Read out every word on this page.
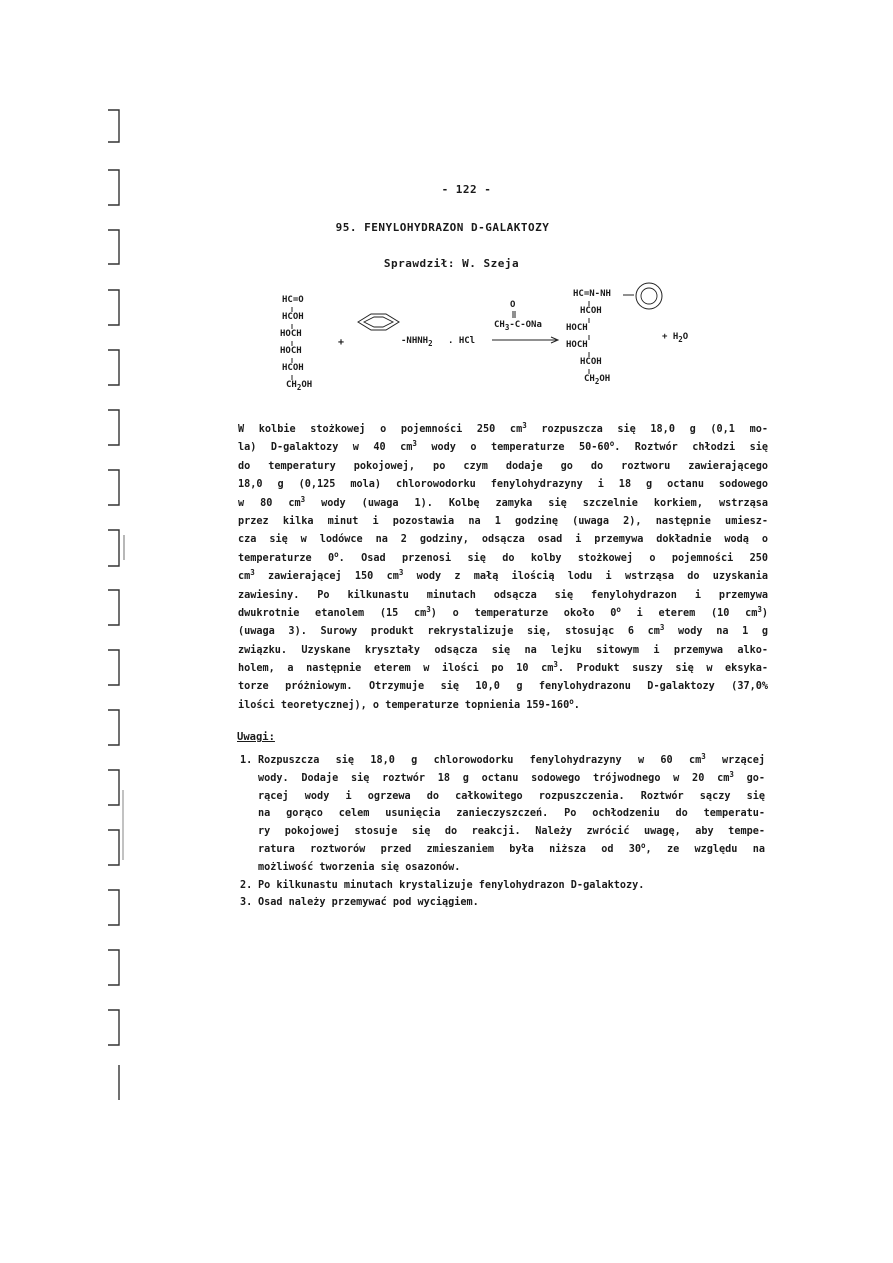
- 122 -
95. FENYLOHYDRAZON D-GALAKTOZY
Sprawdził: W. Szeja
HC=O
HCOH
HOCH
HOCH
HCOH
$CH_2OH$
+	$-NHNH_2$ . HCl
O
$CH_3-C$-ONa
HC=N-NH
HCOH
HOCH
HOCH
HCOH
$CH_2OH$
+ $H_2O$
W kolbie stożkowej o pojemności 250 $cm^3$ rozpuszcza się 18,0 g (0,1 mo-
la) D-galaktozy w 40 $cm^3$ wody o temperaturze 50-60$^o$. Roztwór chłodzi się
do temperatury pokojowej, po czym dodaje go do roztworu zawierającego
18,0 g (0,125 mola) chlorowodorku fenylohydrazyny i 18 g octanu sodowego
w 80 $cm^3$ wody (uwaga 1). Kolbę zamyka się szczelnie korkiem, wstrząsa
przez kilka minut i pozostawia na 1 godzinę (uwaga 2), następnie umiesz-
cza się w lodówce na 2 godziny, odsącza osad i przemywa dokładnie wodą o
temperaturze 0$^o$. Osad przenosi się do kolby stożkowej o pojemności 250
$cm^3$ zawierającej 150 $cm^3$ wody z małą ilością lodu i wstrząsa do uzyskania
zawiesiny. Po kilkunastu minutach odsącza się fenylohydrazon i przemywa
dwukrotnie etanolem (15 $cm^3$) o temperaturze około 0$^o$ i eterem (10 $cm^3$)
(uwaga 3). Surowy produkt rekrystalizuje się, stosując 6 $cm^3$ wody na 1 g
związku. Uzyskane kryształy odsącza się na lejku sitowym i przemywa alko-
holem, a następnie eterem w ilości po 10 $cm^3$. Produkt suszy się w eksyka-
torze próżniowym. Otrzymuje się 10,0 g fenylohydrazonu D-galaktozy (37,0%
ilości teoretycznej), o temperaturze topnienia 159-160$^o$.
Uwagi:
1. Rozpuszcza się 18,0 g chlorowodorku fenylohydrazyny w 60 $cm^3$ wrzącej
wody. Dodaje się roztwór 18 g octanu sodowego trójwodnego w 20 $cm^3$ go-
rącej wody i ogrzewa do całkowitego rozpuszczenia. Roztwór sączy się
na gorąco celem usunięcia zanieczyszczeń. Po ochłodzeniu do temperatu-
ry pokojowej stosuje się do reakcji. Należy zwrócić uwagę, aby tempe-
ratura roztworów przed zmieszaniem była niższa od 30$^o$, ze względu na
możliwość tworzenia się osazonów.
2. Po kilkunastu minutach krystalizuje fenylohydrazon D-galaktozy.
3. Osad należy przemywać pod wyciągiem.
